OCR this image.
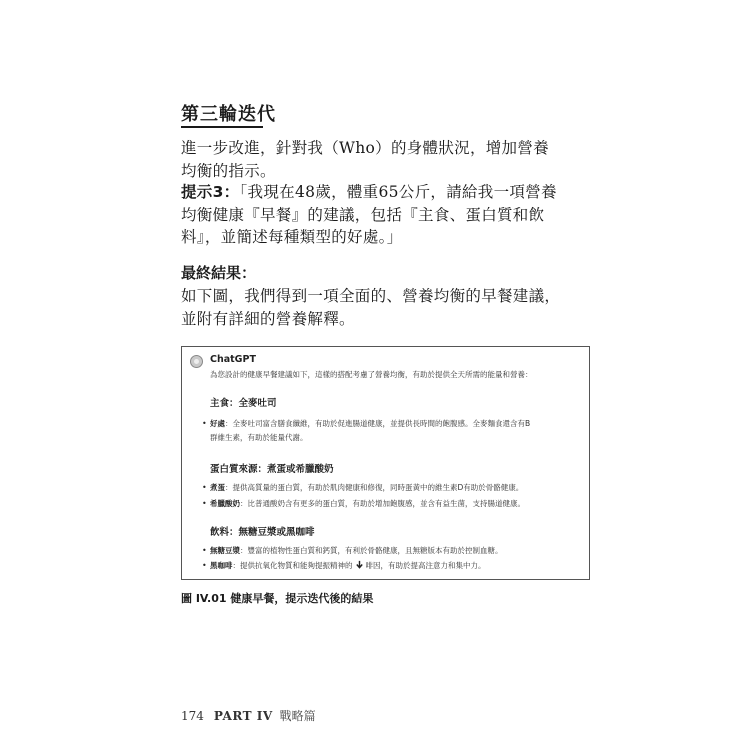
第三輪迭代

進一步改進，針對我（Who）的身體狀況，增加營養均衡的指示。

提示3：「我現在48歲，體重65公斤，請給我一項營養均衡健康『早餐』的建議，包括『主食、蛋白質和飲料』，並簡述每種類型的好處。」

最終結果：

如下圖，我們得到一項全面的、營養均衡的早餐建議，並附有詳細的營養解釋。

ChatGPT
為您設計的健康早餐建議如下，這樣的搭配考慮了營養均衡，有助於提供全天所需的能量和營養：
主食：全麥吐司
• 好處：全麥吐司富含膳食纖維，有助於促進腸道健康，並提供長時間的飽腹感。全麥麵食還含有B
群維生素，有助於能量代謝。
蛋白質來源：煮蛋或希臘酸奶
• 煮蛋：提供高質量的蛋白質，有助於肌肉健康和修復，同時蛋黃中的維生素D有助於骨骼健康。
• 希臘酸奶：比普通酸奶含有更多的蛋白質，有助於增加飽腹感，並含有益生菌，支持腸道健康。
飲料：無糖豆漿或黑咖啡
• 無糖豆漿：豐富的植物性蛋白質和鈣質，有利於骨骼健康，且無糖版本有助於控制血糖。
• 黑咖啡：提供抗氧化物質和能夠提振精神的 啡因，有助於提高注意力和集中力。

圖 IV.01 健康早餐，提示迭代後的結果

174 PART IV 戰略篇
